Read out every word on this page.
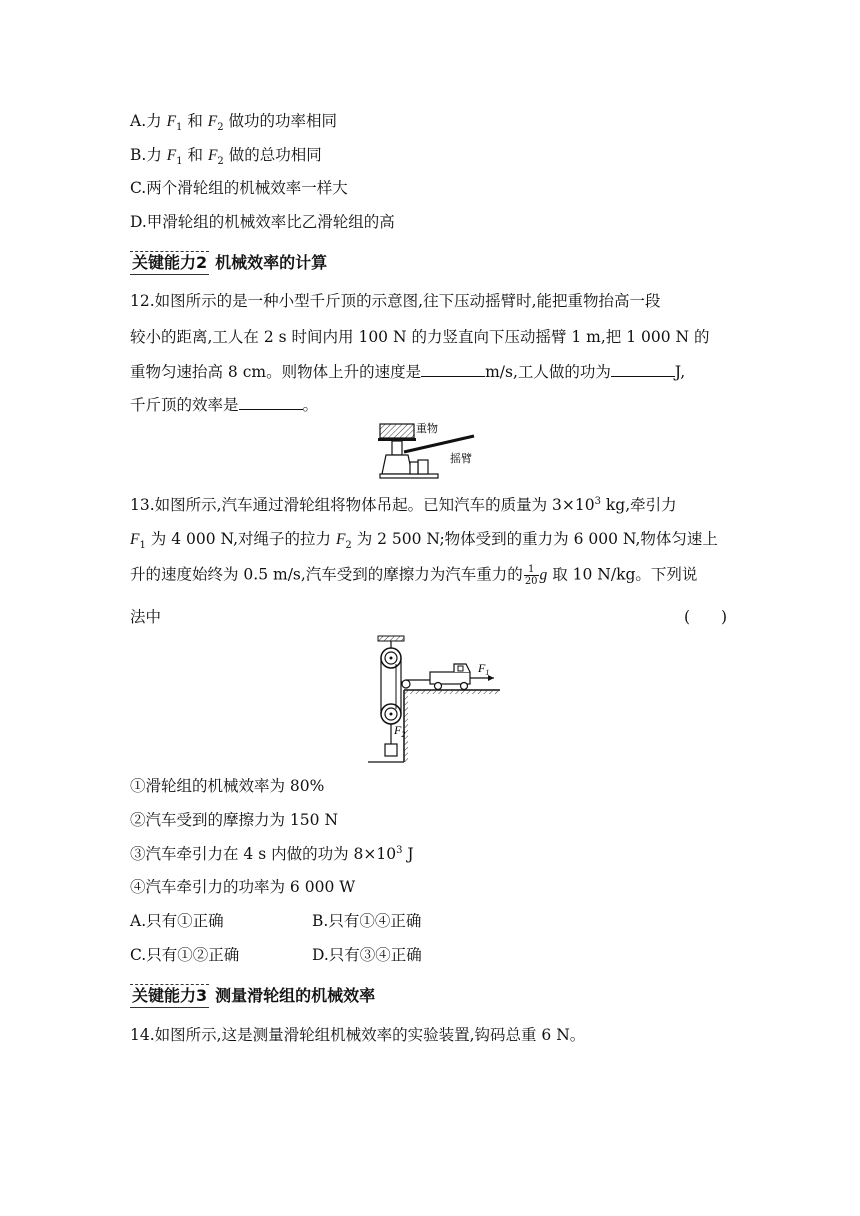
A.力 $F_1$ 和 $F_2$ 做功的功率相同
B.力 $F_1$ 和 $F_2$ 做的总功相同
C.两个滑轮组的机械效率一样大
D.甲滑轮组的机械效率比乙滑轮组的高
关键能力2 机械效率的计算
12.如图所示的是一种小型千斤顶的示意图,往下压动摇臂时,能把重物抬高一段
较小的距离,工人在 2 s 时间内用 100 N 的力竖直向下压动摇臂 1 m,把 1 000 N 的
重物匀速抬高 8 cm。则物体上升的速度是	m/s,工人做的功为	J,
千斤顶的效率是	。
重物
摇臂
13.如图所示,汽车通过滑轮组将物体吊起。已知汽车的质量为 $3\times 10^3$ kg,牵引力
$F_1$ 为 4 000 N,对绳子的拉力 $F_2$ 为 2 500 N;物体受到的重力为 6 000 N,物体匀速上
升的速度始终为 0.5 m/s,汽车受到的摩擦力为汽车重力的 $\frac{1}{20}$ g 取 10 N/kg。下列说
法中	(　　)
$F_1$
$F_2$
①滑轮组的机械效率为 80%
②汽车受到的摩擦力为 150 N
③汽车牵引力在 4 s 内做的功为 $8\times 10^3$ J
④汽车牵引力的功率为 6 000 W
A.只有①正确	B.只有①④正确
C.只有①②正确	D.只有③④正确
关键能力3 测量滑轮组的机械效率
14.如图所示,这是测量滑轮组机械效率的实验装置,钩码总重 6 N。
